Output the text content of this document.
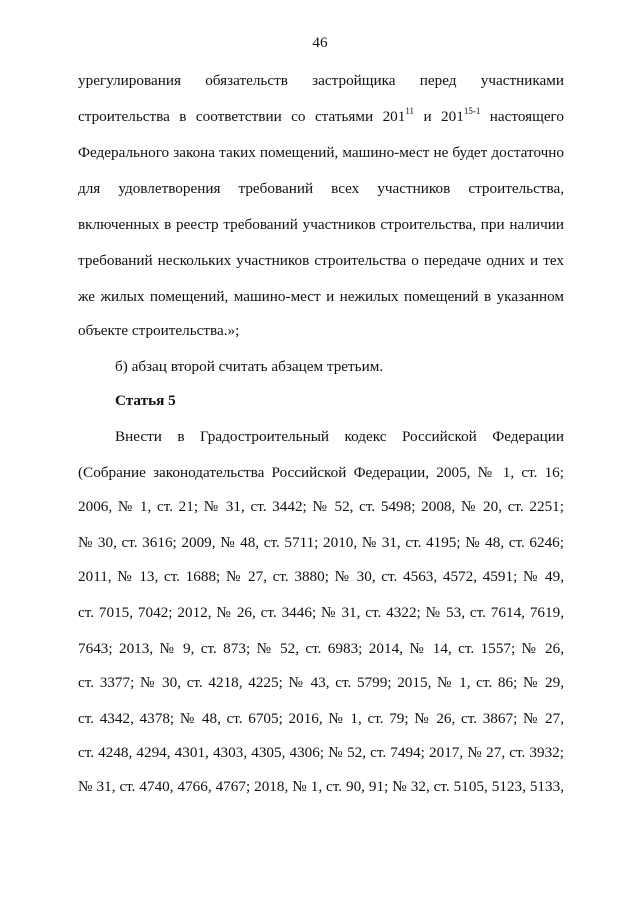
46
урегулирования обязательств застройщика перед участниками
строительства в соответствии со статьями $201^{11}$ и 201$^{15-1}$ настоящего
Федерального закона таких помещений, машино-мест не будет достаточно
для удовлетворения требований всех участников строительства,
включенных в реестр требований участников строительства, при наличии
требований нескольких участников строительства о передаче одних и тех
же жилых помещений, машино-мест и нежилых помещений в указанном
объекте строительства.»;
б) абзац второй считать абзацем третьим.
Статья 5
Внести в Градостроительный кодекс Российской Федерации
(Собрание законодательства Российской Федерации, 2005, № 1, ст. 16;
2006, № 1, ст. 21; № 31, ст. 3442; № 52, ст. 5498; 2008, № 20, ст. 2251;
№ 30, ст. 3616; 2009, № 48, ст. 5711; 2010, № 31, ст. 4195; № 48, ст. 6246;
2011, № 13, ст. 1688; № 27, ст. 3880; № 30, ст. 4563, 4572, 4591; № 49,
ст. 7015, 7042; 2012, № 26, ст. 3446; № 31, ст. 4322; № 53, ст. 7614, 7619,
7643; 2013, № 9, ст. 873; № 52, ст. 6983; 2014, № 14, ст. 1557; № 26,
ст. 3377; № 30, ст. 4218, 4225; № 43, ст. 5799; 2015, № 1, ст. 86; № 29,
ст. 4342, 4378; № 48, ст. 6705; 2016, № 1, ст. 79; № 26, ст. 3867; № 27,
ст. 4248, 4294, 4301, 4303, 4305, 4306; № 52, ст. 7494; 2017, № 27, ст. 3932;
№ 31, ст. 4740, 4766, 4767; 2018, № 1, ст. 90, 91; № 32, ст. 5105, 5123, 5133,
